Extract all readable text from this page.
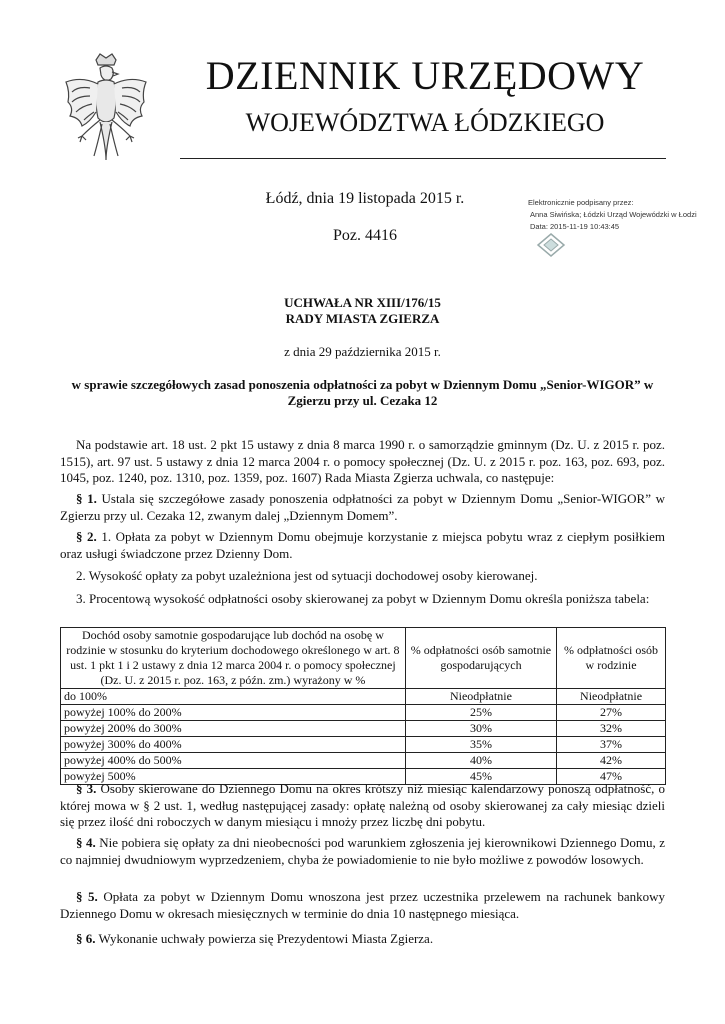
DZIENNIK URZĘDOWY
WOJEWÓDZTWA ŁÓDZKIEGO
Łódź, dnia 19 listopada 2015 r.
Poz. 4416
Elektronicznie podpisany przez:
Anna Siwińska; Łódzki Urząd Wojewódzki w Łodzi
Data: 2015-11-19 10:43:45
UCHWAŁA NR XIII/176/15
RADY MIASTA ZGIERZA
z dnia 29 października 2015 r.
w sprawie szczegółowych zasad ponoszenia odpłatności za pobyt w Dziennym Domu „Senior-WIGOR” w Zgierzu przy ul. Cezaka 12
Na podstawie art. 18 ust. 2 pkt 15 ustawy z dnia 8 marca 1990 r. o samorządzie gminnym (Dz. U. z 2015 r. poz. 1515), art. 97 ust. 5 ustawy z dnia 12 marca 2004 r. o pomocy społecznej (Dz. U. z 2015 r. poz. 163, poz. 693, poz. 1045, poz. 1240, poz. 1310, poz. 1359, poz. 1607) Rada Miasta Zgierza uchwala, co następuje:
§ 1. Ustala się szczegółowe zasady ponoszenia odpłatności za pobyt w Dziennym Domu „Senior-WIGOR” w Zgierzu przy ul. Cezaka 12, zwanym dalej „Dziennym Domem”.
§ 2. 1. Opłata za pobyt w Dziennym Domu obejmuje korzystanie z miejsca pobytu wraz z ciepłym posiłkiem oraz usługi świadczone przez Dzienny Dom.
2. Wysokość opłaty za pobyt uzależniona jest od sytuacji dochodowej osoby kierowanej.
3. Procentową wysokość odpłatności osoby skierowanej za pobyt w Dziennym Domu określa poniższa tabela:
Dochód osoby samotnie gospodarujące lub dochód na osobę w rodzinie w stosunku do kryterium dochodowego określonego w art. 8 ust. 1 pkt 1 i 2 ustawy z dnia 12 marca 2004 r. o pomocy społecznej (Dz. U. z 2015 r. poz. 163, z późn. zm.) wyrażony w %	% odpłatności osób samotnie gospodarujących	% odpłatności osób w rodzinie
do 100%	Nieodpłatnie	Nieodpłatnie
powyżej 100% do 200%	25%	27%
powyżej 200% do 300%	30%	32%
powyżej 300% do 400%	35%	37%
powyżej 400% do 500%	40%	42%
powyżej 500%	45%	47%
§ 3. Osoby skierowane do Dziennego Domu na okres krótszy niż miesiąc kalendarzowy ponoszą odpłatność, o której mowa w § 2 ust. 1, według następującej zasady: opłatę należną od osoby skierowanej za cały miesiąc dzieli się przez ilość dni roboczych w danym miesiącu i mnoży przez liczbę dni pobytu.
§ 4. Nie pobiera się opłaty za dni nieobecności pod warunkiem zgłoszenia jej kierownikowi Dziennego Domu, z co najmniej dwudniowym wyprzedzeniem, chyba że powiadomienie to nie było możliwe z powodów losowych.
§ 5. Opłata za pobyt w Dziennym Domu wnoszona jest przez uczestnika przelewem na rachunek bankowy Dziennego Domu w okresach miesięcznych w terminie do dnia 10 następnego miesiąca.
§ 6. Wykonanie uchwały powierza się Prezydentowi Miasta Zgierza.
